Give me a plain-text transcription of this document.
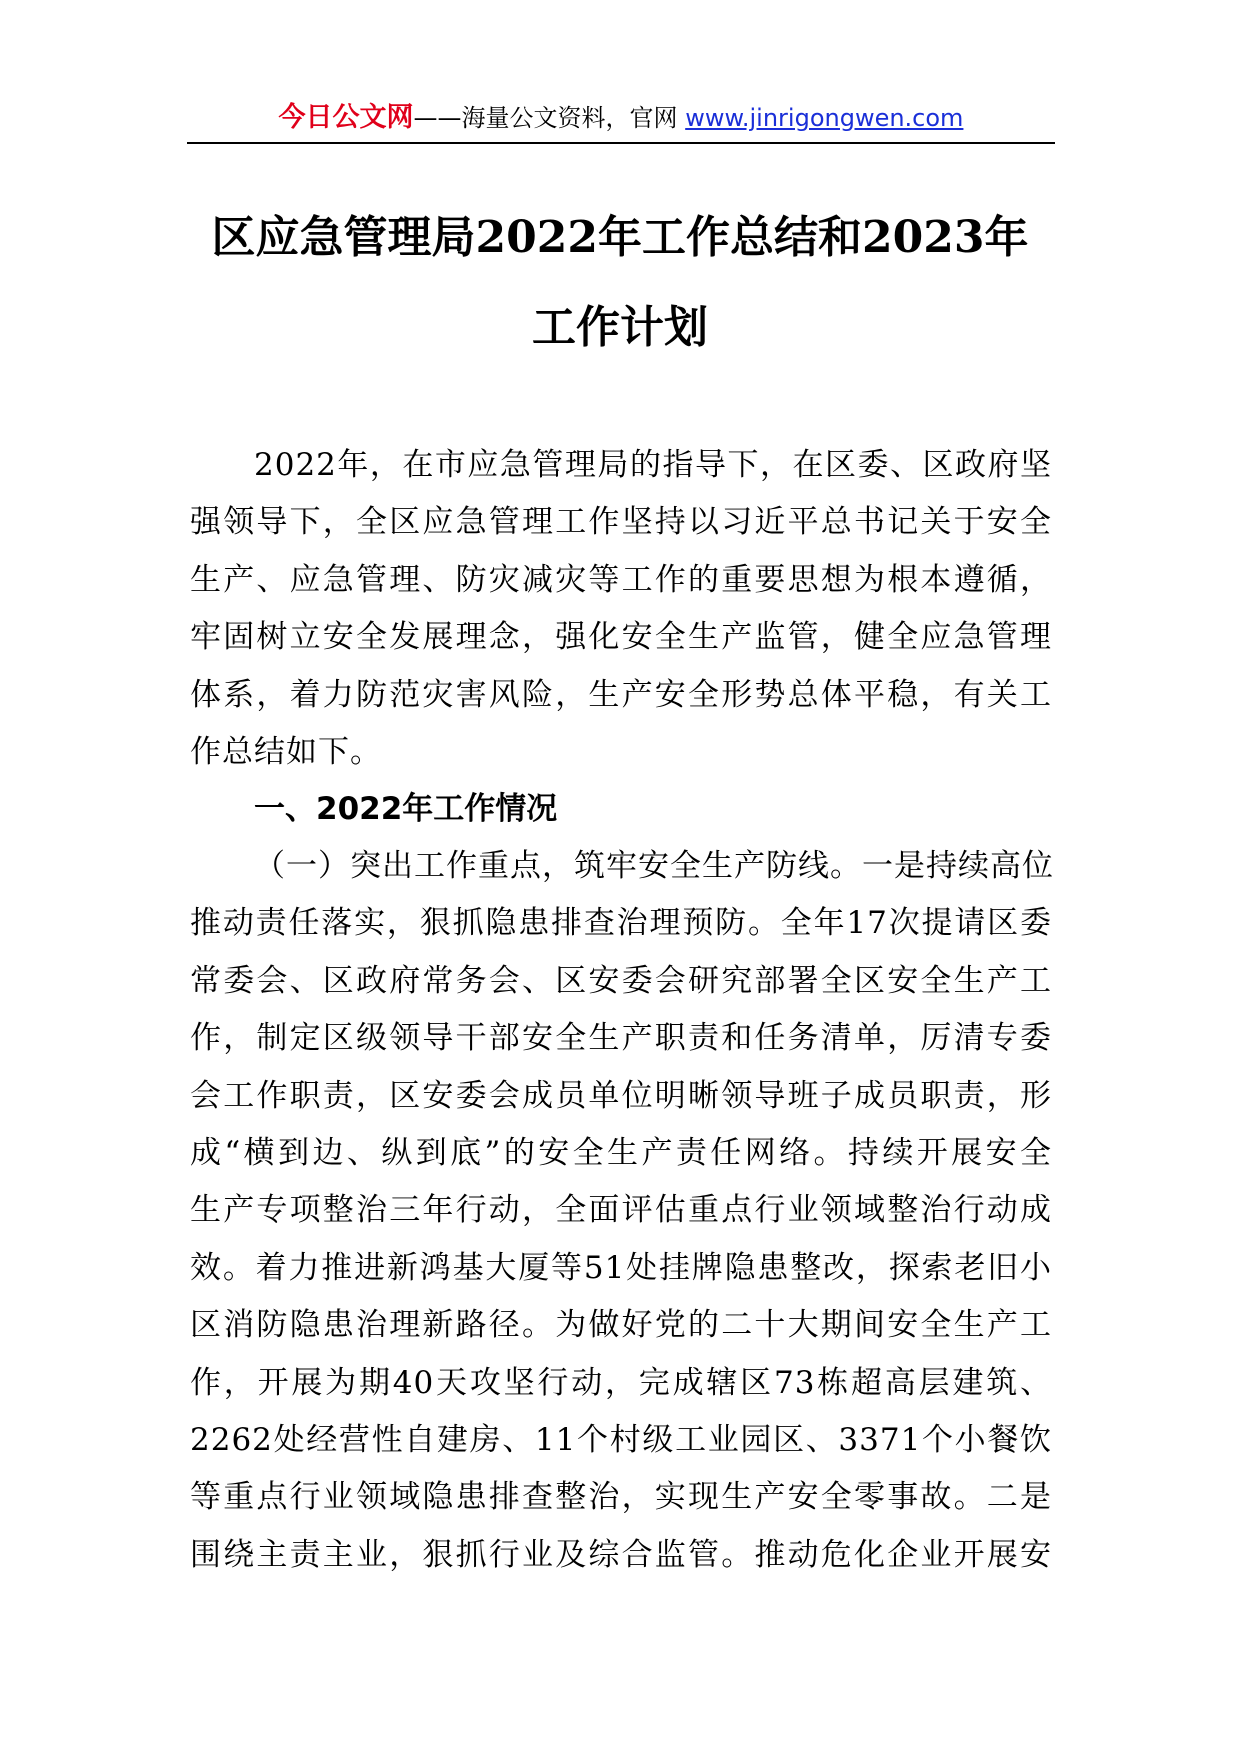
今日公文网——海量公文资料，官网 www.jinrigongwen.com
区应急管理局2022年工作总结和2023年
工作计划
2022年，在市应急管理局的指导下，在区委、区政府坚
强领导下，全区应急管理工作坚持以习近平总书记关于安全
生产、应急管理、防灾减灾等工作的重要思想为根本遵循，
牢固树立安全发展理念，强化安全生产监管，健全应急管理
体系，着力防范灾害风险，生产安全形势总体平稳，有关工
作总结如下。
一、2022年工作情况
（一）突出工作重点，筑牢安全生产防线。一是持续高位
推动责任落实，狠抓隐患排查治理预防。全年17次提请区委
常委会、区政府常务会、区安委会研究部署全区安全生产工
作，制定区级领导干部安全生产职责和任务清单，厉清专委
会工作职责，区安委会成员单位明晰领导班子成员职责，形
成“横到边、纵到底”的安全生产责任网络。持续开展安全
生产专项整治三年行动，全面评估重点行业领域整治行动成
效。着力推进新鸿基大厦等51处挂牌隐患整改，探索老旧小
区消防隐患治理新路径。为做好党的二十大期间安全生产工
作，开展为期40天攻坚行动，完成辖区73栋超高层建筑、
2262处经营性自建房、11个村级工业园区、3371个小餐饮
等重点行业领域隐患排查整治，实现生产安全零事故。二是
围绕主责主业，狠抓行业及综合监管。推动危化企业开展安
